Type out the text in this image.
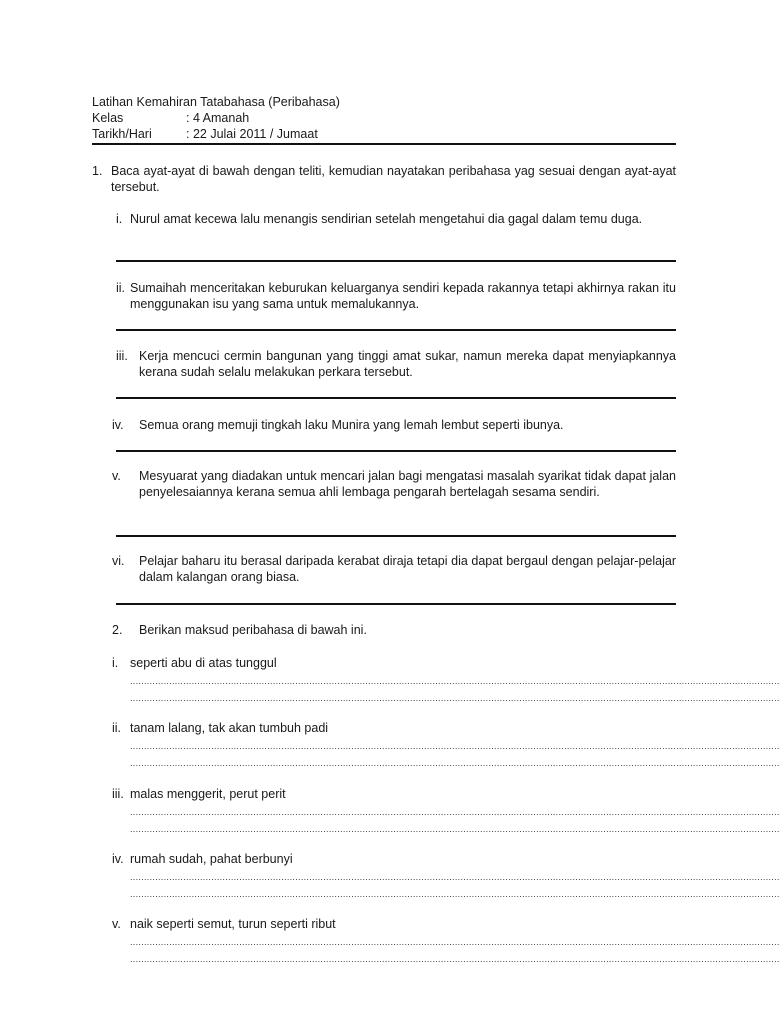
Latihan Kemahiran Tatabahasa (Peribahasa)
Kelas	: 4 Amanah
Tarikh/Hari	: 22 Julai 2011 / Jumaat
1. Baca ayat-ayat di bawah dengan teliti, kemudian nayatakan peribahasa yag sesuai dengan ayat-ayat tersebut.
i. Nurul amat kecewa lalu menangis sendirian setelah mengetahui dia gagal dalam temu duga.
ii. Sumaihah menceritakan keburukan keluarganya sendiri kepada rakannya tetapi akhirnya rakan itu menggunakan isu yang sama untuk memalukannya.
iii. Kerja mencuci cermin bangunan yang tinggi amat sukar, namun mereka dapat menyiapkannya kerana sudah selalu melakukan perkara tersebut.
iv. Semua orang memuji tingkah laku Munira yang lemah lembut seperti ibunya.
v. Mesyuarat yang diadakan untuk mencari jalan bagi mengatasi masalah syarikat tidak dapat jalan penyelesaiannya kerana semua ahli lembaga pengarah bertelagah sesama sendiri.
vi. Pelajar baharu itu berasal daripada kerabat diraja tetapi dia dapat bergaul dengan pelajar-pelajar dalam kalangan orang biasa.
2. Berikan maksud peribahasa di bawah ini.
i. seperti abu di atas tunggul
........................................................................................................................................................................................................................................
........................................................................................................................................................................................................................................
ii. tanam lalang, tak akan tumbuh padi
........................................................................................................................................................................................................................................
........................................................................................................................................................................................................................................
iii. malas menggerit, perut perit
........................................................................................................................................................................................................................................
........................................................................................................................................................................................................................................
iv. rumah sudah, pahat berbunyi
........................................................................................................................................................................................................................................
........................................................................................................................................................................................................................................
v. naik seperti semut, turun seperti ribut
........................................................................................................................................................................................................................................
........................................................................................................................................................................................................................................
